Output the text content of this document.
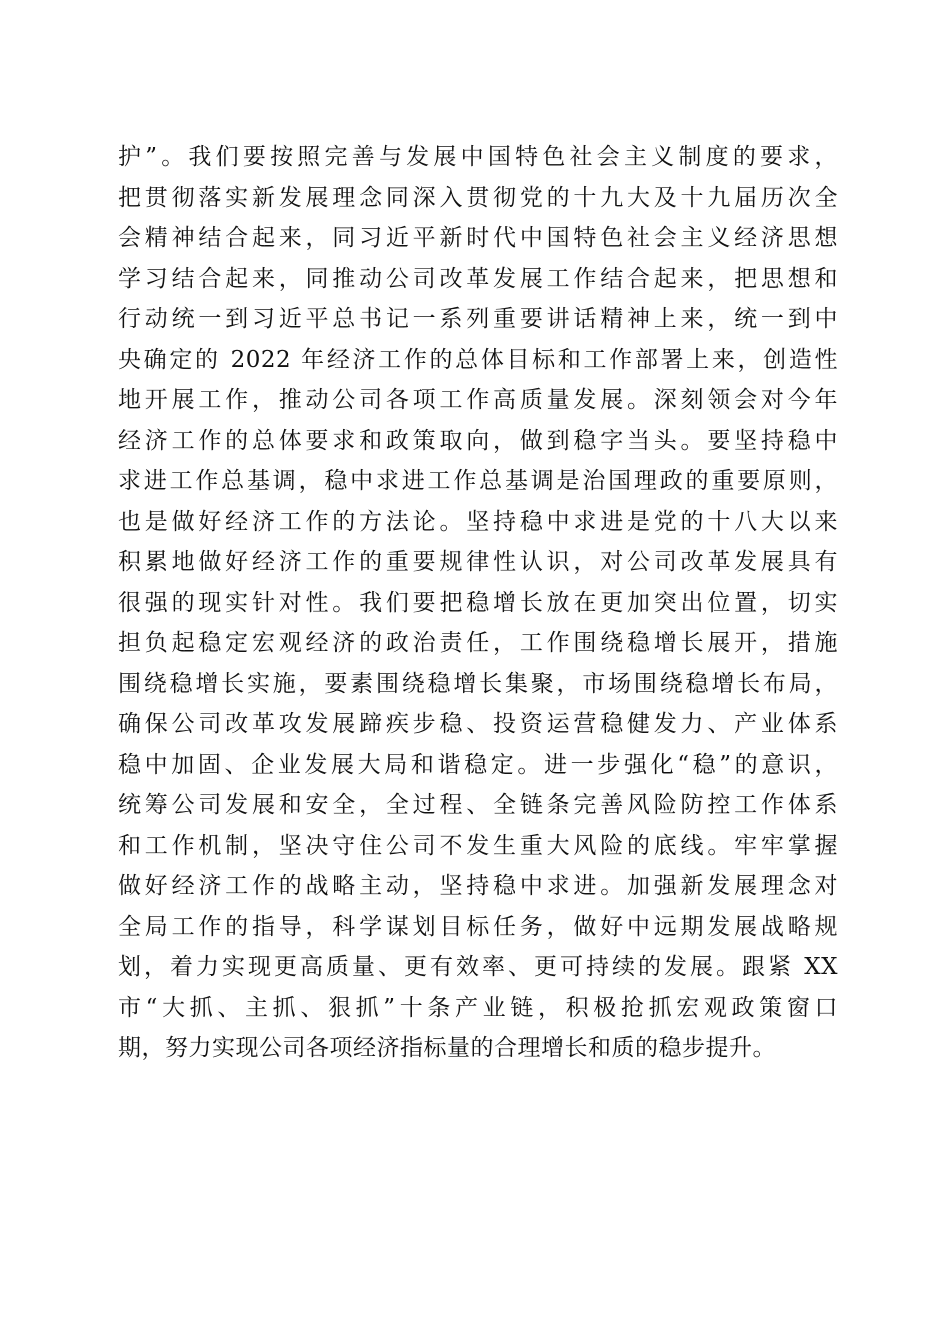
护”。我们要按照完善与发展中国特色社会主义制度的要求，
把贯彻落实新发展理念同深入贯彻党的十九大及十九届历次全
会精神结合起来，同习近平新时代中国特色社会主义经济思想
学习结合起来，同推动公司改革发展工作结合起来，把思想和
行动统一到习近平总书记一系列重要讲话精神上来，统一到中
央确定的 2022 年经济工作的总体目标和工作部署上来，创造性
地开展工作，推动公司各项工作高质量发展。深刻领会对今年
经济工作的总体要求和政策取向，做到稳字当头。要坚持稳中
求进工作总基调，稳中求进工作总基调是治国理政的重要原则，
也是做好经济工作的方法论。坚持稳中求进是党的十八大以来
积累地做好经济工作的重要规律性认识，对公司改革发展具有
很强的现实针对性。我们要把稳增长放在更加突出位置，切实
担负起稳定宏观经济的政治责任，工作围绕稳增长展开，措施
围绕稳增长实施，要素围绕稳增长集聚，市场围绕稳增长布局，
确保公司改革攻发展蹄疾步稳、投资运营稳健发力、产业体系
稳中加固、企业发展大局和谐稳定。进一步强化“稳”的意识，
统筹公司发展和安全，全过程、全链条完善风险防控工作体系
和工作机制，坚决守住公司不发生重大风险的底线。牢牢掌握
做好经济工作的战略主动，坚持稳中求进。加强新发展理念对
全局工作的指导，科学谋划目标任务，做好中远期发展战略规
划，着力实现更高质量、更有效率、更可持续的发展。跟紧 XX
市“大抓、主抓、狠抓”十条产业链，积极抢抓宏观政策窗口
期，努力实现公司各项经济指标量的合理增长和质的稳步提升。
